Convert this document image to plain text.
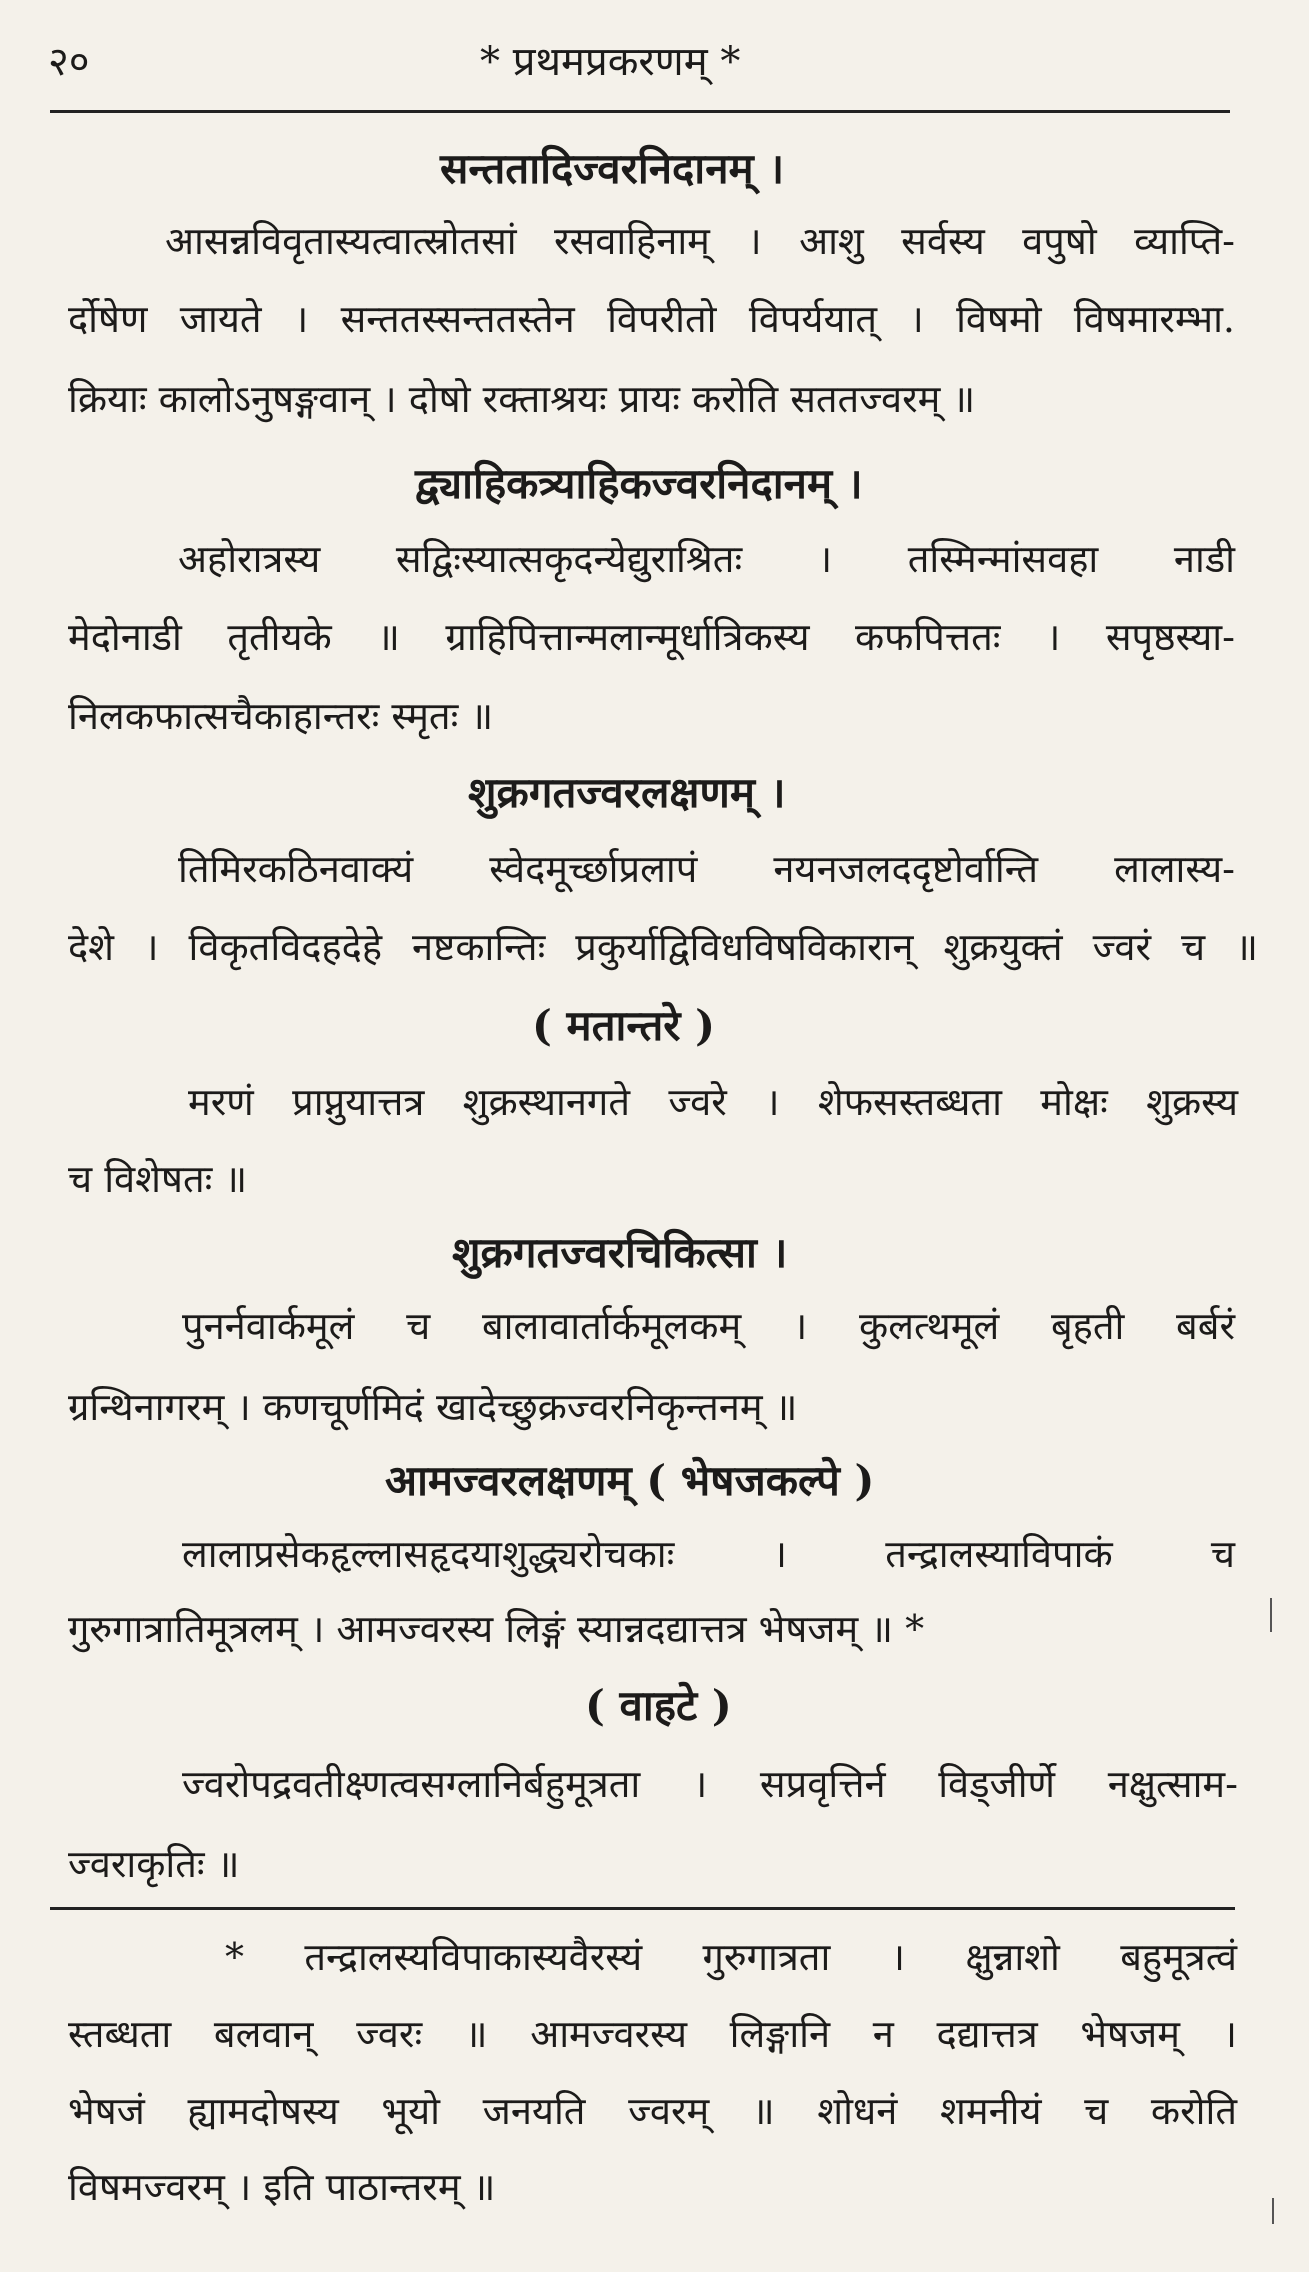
२०	* प्रथमप्रकरणम् *
सन्ततादिज्वरनिदानम् ।
आसन्नविवृतास्यत्वात्स्रोतसां रसवाहिनाम् । आशु सर्वस्य वपुषो व्याप्ति-
र्दोषेण जायते । सन्ततस्सन्ततस्तेन विपरीतो विपर्ययात् । विषमो विषमारम्भा.
क्रियाः कालोऽनुषङ्गवान् । दोषो रक्ताश्रयः प्रायः करोति सततज्वरम् ॥
द्व्याहिकत्र्याहिकज्वरनिदानम् ।
अहोरात्रस्य सद्विःस्यात्सकृदन्येद्युराश्रितः । तस्मिन्मांसवहा नाडी
मेदोनाडी तृतीयके ॥ ग्राहिपित्तान्मलान्मूर्धात्रिकस्य कफपित्ततः । सपृष्ठस्या-
निलकफात्सचैकाहान्तरः स्मृतः ॥
शुक्रगतज्वरलक्षणम् ।
तिमिरकठिनवाक्यं स्वेदमूर्च्छाप्रलापं नयनजलददृष्टोर्वान्ति लालास्य-
देशे । विकृतविदहदेहे नष्टकान्तिः प्रकुर्याद्विविधविषविकारान् शुक्रयुक्तं ज्वरं च ॥
( मतान्तरे )
मरणं प्राप्नुयात्तत्र शुक्रस्थानगते ज्वरे । शेफसस्तब्धता मोक्षः शुक्रस्य
च विशेषतः ॥
शुक्रगतज्वरचिकित्सा ।
पुनर्नवार्कमूलं च बालावार्तार्कमूलकम् । कुलत्थमूलं बृहती बर्बरं
ग्रन्थिनागरम् । कणचूर्णमिदं खादेच्छुक्रज्वरनिकृन्तनम् ॥
आमज्वरलक्षणम् ( भेषजकल्पे )
लालाप्रसेकहृल्लासहृदयाशुद्ध्यरोचकाः । तन्द्रालस्याविपाकं च
गुरुगात्रातिमूत्रलम् । आमज्वरस्य लिङ्गं स्यान्नदद्यात्तत्र भेषजम् ॥ *
( वाहटे )
ज्वरोपद्रवतीक्ष्णत्वसग्लानिर्बहुमूत्रता । सप्रवृत्तिर्न विड्जीर्णे नक्षुत्साम-
ज्वराकृतिः ॥
* तन्द्रालस्यविपाकास्यवैरस्यं गुरुगात्रता । क्षुन्नाशो बहुमूत्रत्वं
स्तब्धता बलवान् ज्वरः ॥ आमज्वरस्य लिङ्गानि न दद्यात्तत्र भेषजम् ।
भेषजं ह्यामदोषस्य भूयो जनयति ज्वरम् ॥ शोधनं शमनीयं च करोति
विषमज्वरम् । इति पाठान्तरम् ॥
